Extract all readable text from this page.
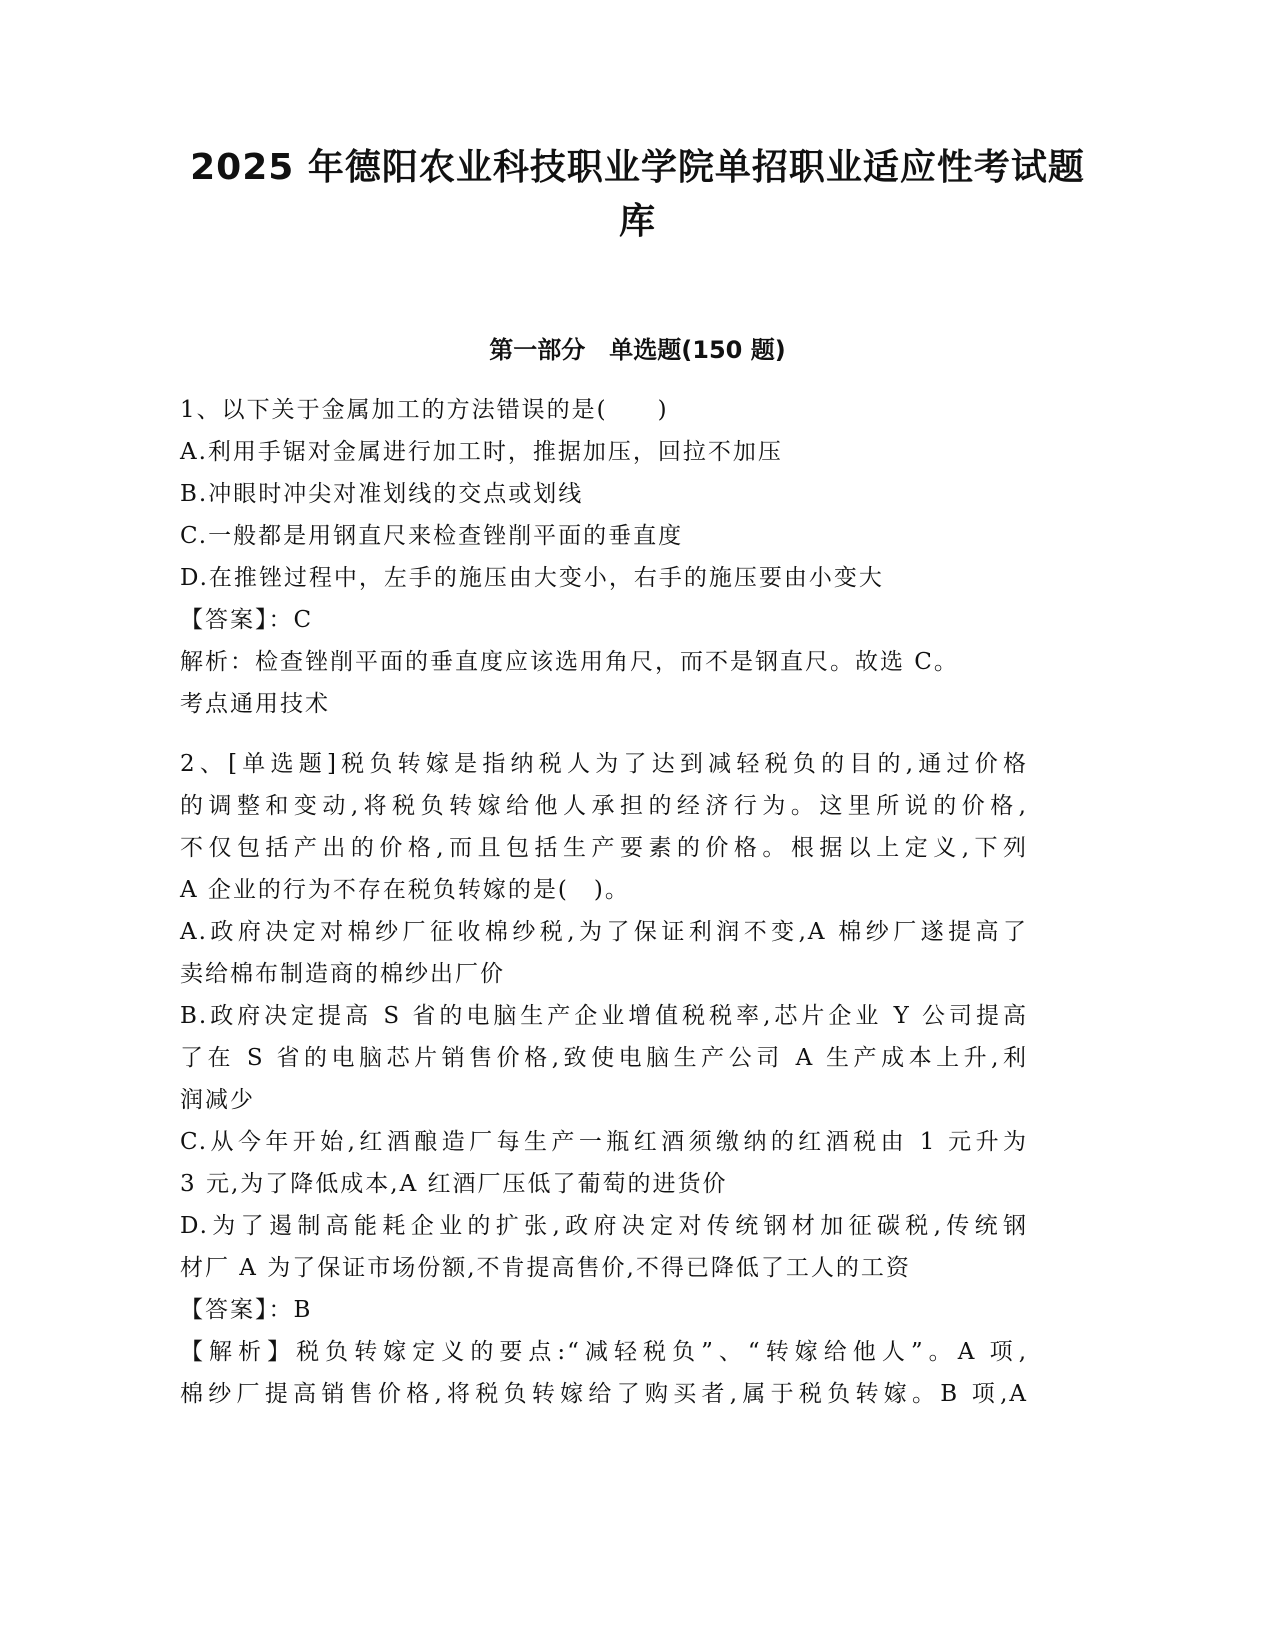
2025 年德阳农业科技职业学院单招职业适应性考试题
库
第一部分　单选题(150 题)
1、以下关于金属加工的方法错误的是(　　)
A.利用手锯对金属进行加工时，推据加压，回拉不加压
B.冲眼时冲尖对准划线的交点或划线
C.一般都是用钢直尺来检查锉削平面的垂直度
D.在推锉过程中，左手的施压由大变小，右手的施压要由小变大
【答案】：C
解析：检查锉削平面的垂直度应该选用角尺，而不是钢直尺。故选 C。
考点通用技术
2、[单选题]税负转嫁是指纳税人为了达到减轻税负的目的,通过价格
的调整和变动,将税负转嫁给他人承担的经济行为。这里所说的价格,
不仅包括产出的价格,而且包括生产要素的价格。根据以上定义,下列
A 企业的行为不存在税负转嫁的是(　)。
A.政府决定对棉纱厂征收棉纱税,为了保证利润不变,A 棉纱厂遂提高了
卖给棉布制造商的棉纱出厂价
B.政府决定提高 S 省的电脑生产企业增值税税率,芯片企业 Y 公司提高
了在 S 省的电脑芯片销售价格,致使电脑生产公司 A 生产成本上升,利
润减少
C.从今年开始,红酒酿造厂每生产一瓶红酒须缴纳的红酒税由 1 元升为
3 元,为了降低成本,A 红酒厂压低了葡萄的进货价
D.为了遏制高能耗企业的扩张,政府决定对传统钢材加征碳税,传统钢
材厂 A 为了保证市场份额,不肯提高售价,不得已降低了工人的工资
【答案】：B
【解析】税负转嫁定义的要点:“减轻税负”、“转嫁给他人”。A 项,
棉纱厂提高销售价格,将税负转嫁给了购买者,属于税负转嫁。B 项,A
